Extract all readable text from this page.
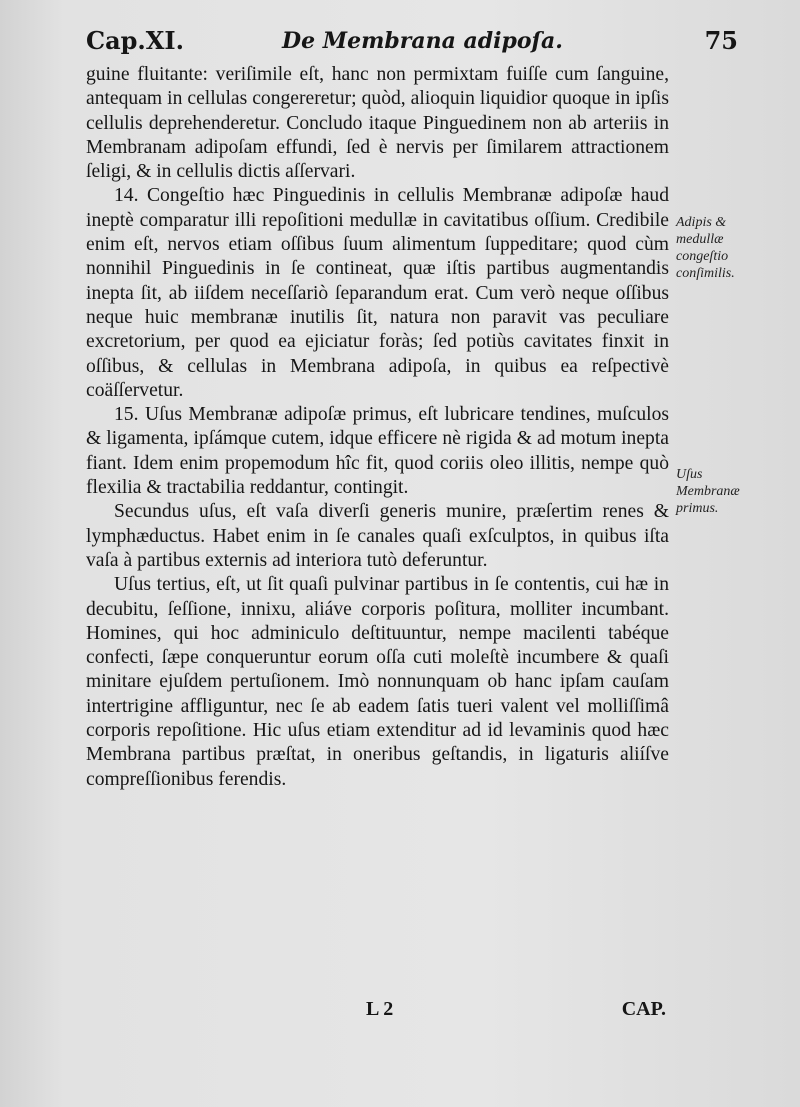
Cap.XI.	De Membrana adipoſa.	75

guine fluitante: veriſimile eſt, hanc non permixtam fuiſſe cum ſanguine, antequam in cellulas congereretur; quòd, alioquin liquidior quoque in ipſis cellulis deprehenderetur. Concludo itaque Pinguedinem non ab arteriis in Membranam adipoſam effundi, ſed è nervis per ſimilarem attractionem ſeligi, & in cellulis dictis aſſervari.

14. Congeſtio hæc Pinguedinis in cellulis Membranæ adipoſæ haud ineptè comparatur illi repoſitioni medullæ in cavitatibus oſſium. Credibile enim eſt, nervos etiam oſſibus ſuum alimentum ſuppeditare; quod cùm nonnihil Pinguedinis in ſe contineat, quæ iſtis partibus augmentandis inepta ſit, ab iiſdem neceſſariò ſeparandum erat. Cum verò neque oſſibus neque huic membranæ inutilis ſit, natura non paravit vas peculiare excretorium, per quod ea ejiciatur foràs; ſed potiùs cavitates finxit in oſſibus, & cellulas in Membrana adipoſa, in quibus ea reſpectivè coäſſervetur.

15. Uſus Membranæ adipoſæ primus, eſt lubricare tendines, muſculos & ligamenta, ipſámque cutem, idque efficere nè rigida & ad motum inepta fiant. Idem enim propemodum hîc fit, quod coriis oleo illitis, nempe quò flexilia & tractabilia reddantur, contingit.

Secundus uſus, eſt vaſa diverſi generis munire, præſertim renes & lymphæductus. Habet enim in ſe canales quaſi exſculptos, in quibus iſta vaſa à partibus externis ad interiora tutò deferuntur.

Uſus tertius, eſt, ut ſit quaſi pulvinar partibus in ſe contentis, cui hæ in decubitu, ſeſſione, innixu, aliáve corporis poſitura, molliter incumbant. Homines, qui hoc adminiculo deſtituuntur, nempe macilenti tabéque confecti, ſæpe conqueruntur eorum oſſa cuti moleſtè incumbere & quaſi minitare ejuſdem pertuſionem. Imò nonnunquam ob hanc ipſam cauſam intertrigine affliguntur, nec ſe ab eadem ſatis tueri valent vel molliſſimâ corporis repoſitione. Hic uſus etiam extenditur ad id levaminis quod hæc Membrana partibus præſtat, in oneribus geſtandis, in ligaturis aliíſve compreſſionibus ferendis.

Adipis & medullæ congeſtio conſimilis.
Uſus Membranæ primus.
L 2	CAP.
